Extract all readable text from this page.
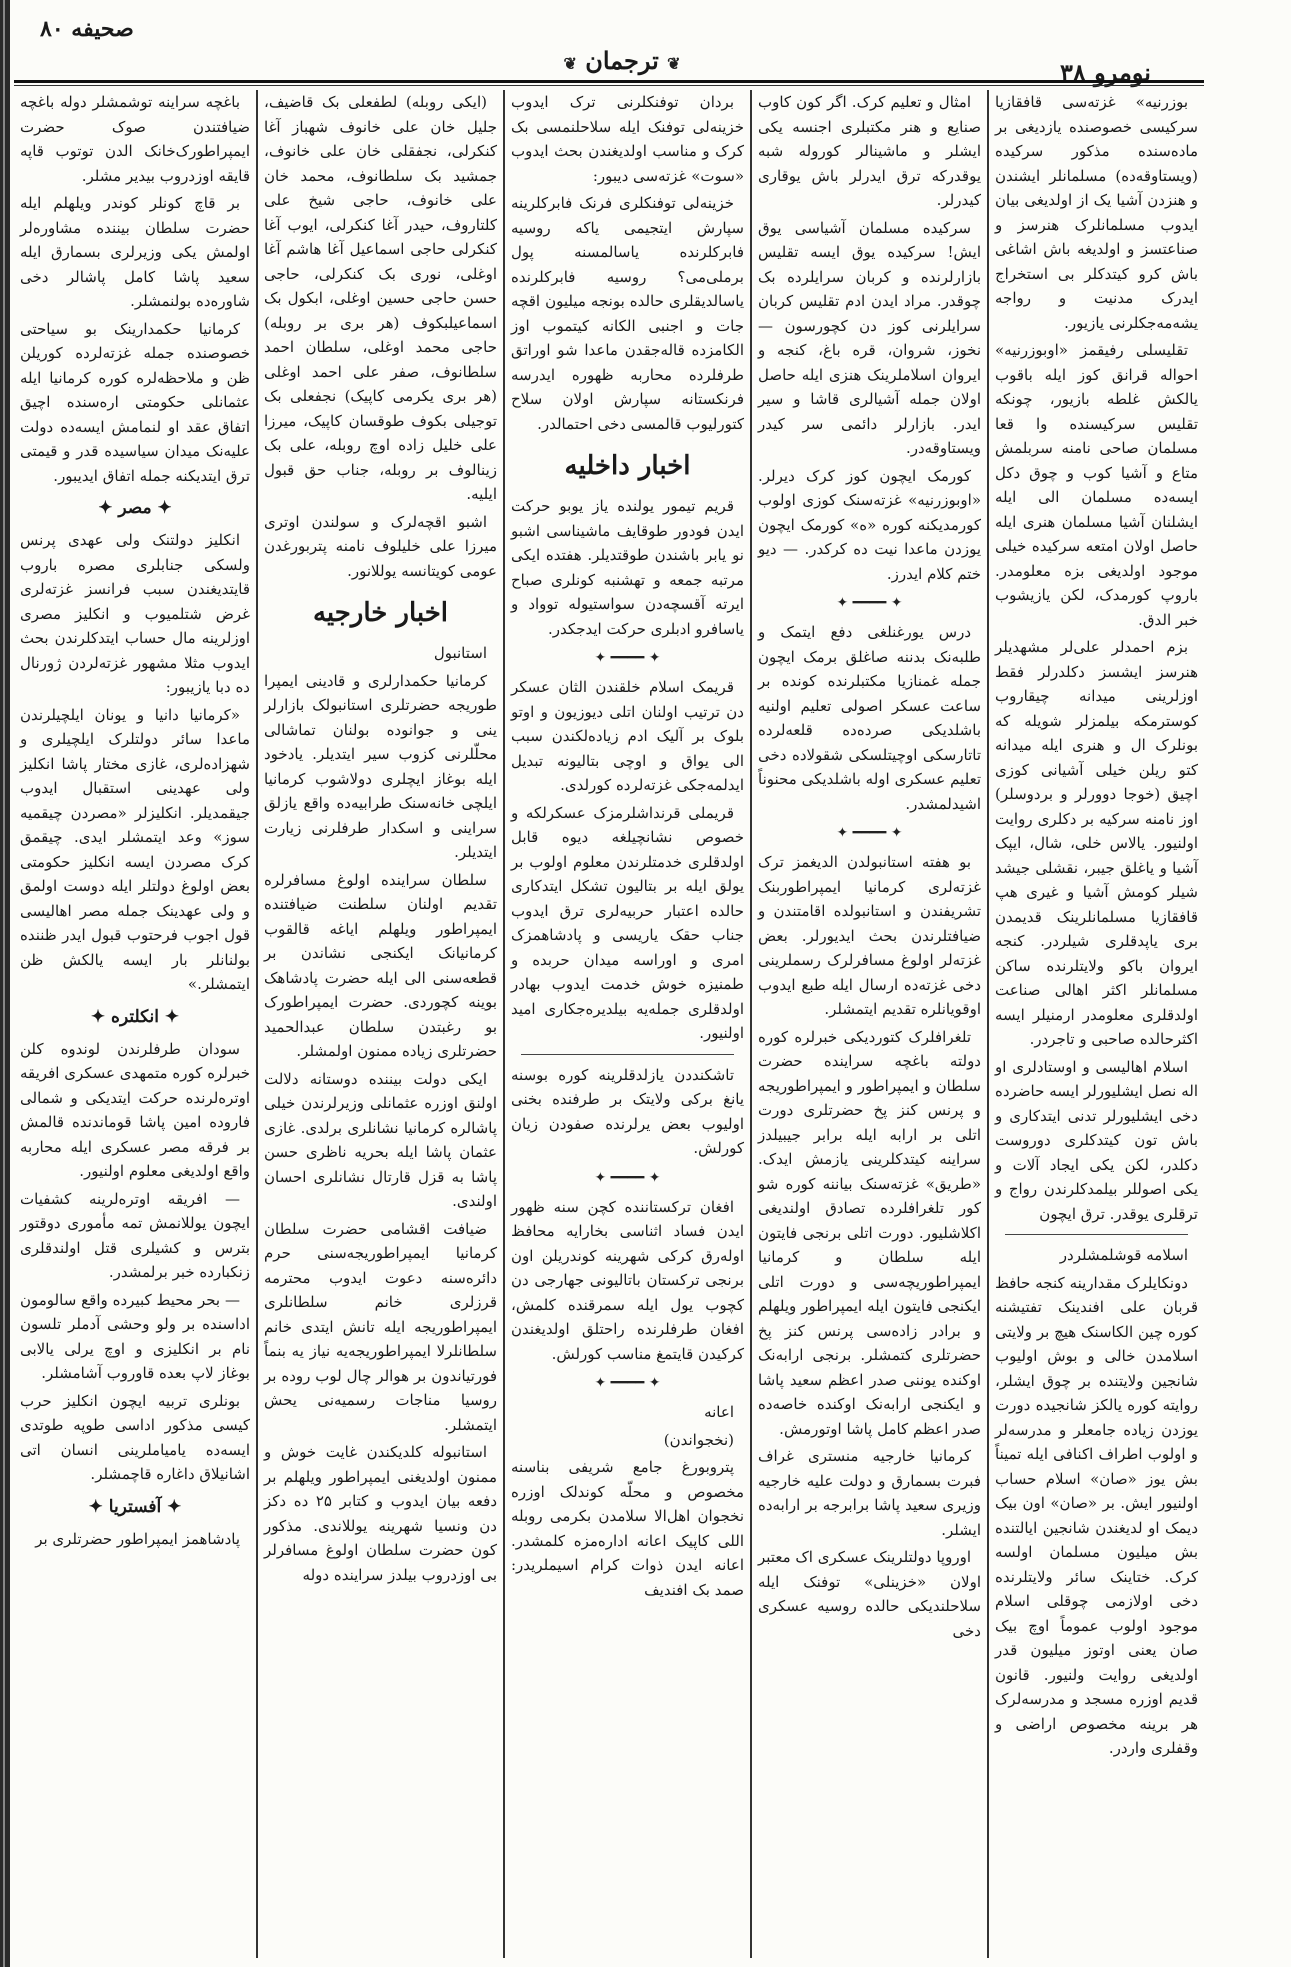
صحیفه ۸۰
❦ ترجمان ❦	نومرو ۳۸

بوزرنیه» غزته‌سی قافقازیا سرکیسی خصوصنده یازدیغی بر ماده‌سنده مذکور سرکیده (ویستاوقه‌ده) مسلمانلر ایشندن و هنزدن آشیا یک از اولدیغی بیان ایدوب مسلمانلرک هنرسز و صناعتسز و اولدیغه باش اشاغی باش کرو کیتدکلر بی استخراج ایدرک مدنیت و رواجه یشه‌مه‌جکلرنی یازیور.

تقلیسلی رفیقمز «اوبوزرنیه» احواله قرانق کوز ایله باقوب یالکش غلطه بازیور، چونکه تقلیس سرکیسنده وا قعا مسلمان صاحی نامنه سربلمش متاع و آشیا کوب و چوق دکل ایسه‌ده مسلمان الی ایله ایشلنان آشیا مسلمان هنری ایله حاصل اولان امتعه سرکیده خیلی موجود اولدیغی بزه معلومدر. باروپ کورمدک، لکن یازیشوب خبر الدق.

بزم احمدلر علی‌لر مشهدیلر هنرسز ایشسز دکلدرلر فقط اوزلرینی میدانه چیقاروب کوسترمکه بیلمزلر شویله که بونلرک ال و هنری ایله میدانه کتو ریلن خیلی آشیانی کوزی اچیق (خوجا دوورلر و بردوسلر) اوز نامنه سرکیه بر دکلری روایت اولنیور. یالاس خلی، شال، ایپک آشیا و یاغلق جیبر، نقشلی جیشد شیلر کومش آشیا و غیری هپ قافقازیا مسلمانلرینک قدیمدن بری یاپدقلری شیلردر. کنجه ایروان باکو ولایتلرنده ساکن مسلمانلر اکثر اهالی صناعت اولدقلری معلومدر ارمنیلر ایسه اکثرحالده صاحبی و تاجردر.

اسلام اهالیسی و اوستادلری او اله نصل ایشلیورلر ایسه حاضرده دخی ایشلیورلر تدنی ایتدکاری و باش تون کیتدکلری دوروست دکلدر، لکن یکی ایجاد آلات و یکی اصوللر بیلمدکلرندن رواج و ترقلری یوقدر. ترق ایچون

اسلامه قوشلمشلردر

دونکایلرک مقدارینه کنجه حافظ قربان علی افندینک تفتیشنه کوره چین الکاسنک هیچ بر ولایتی اسلامدن خالی و بوش اولیوب شانجین ولایتنده بر چوق ایشلر، روایته کوره یالکز شانجیده دورت یوزدن زیاده جامعلر و مدرسه‌لر و اولوب اطراف اکنافی ایله تمیناً بش یوز «صان» اسلام حساب اولنیور ایش. بر «صان» اون بیک دیمک او لدیغندن شانجین ایالتنده بش میلیون مسلمان اولسه کرک. ختاینک سائر ولایتلرنده دخی اولازمی چوقلی اسلام موجود اولوب عموماً اوچ بیک صان یعنی اوتوز میلیون قدر اولدیغی روایت ولنیور. قانون قدیم اوزره مسجد و مدرسه‌لرک هر برینه مخصوص اراضی و وقفلری واردر.

امثال و تعلیم کرک. اگر کون کاوب صنایع و هنر مکتبلری اجنسه یکی ایشلر و ماشینالر کوروله شبه یوقدرکه ترق ایدرلر باش یوقاری کیدرلر.

سرکیده مسلمان آشیاسی یوق ایش! سرکیده یوق ایسه تقلیس بازارلرنده و کربان سرایلرده بک چوقدر. مراد ایدن ادم تقلیس کربان سرایلرنی کوز دن کچورسون — نخوز، شروان، قره باغ، کنجه و ایروان اسلاملرینک هنزی ایله حاصل اولان جمله آشیالری قاشا و سیر ایدر. بازارلر دائمی سر کیدر ویستاوقه‌در.

کورمک ایچون کوز کرک دیرلر. «اوبوزرنیه» غزته‌سنک کوزی اولوب کورمدیکنه کوره «ه» کورمک ایچون یوزدن ماعدا نیت ده کرکدر. — دیو ختم کلام ایدرز.

✦ ━━━━ ✦

درس یورغنلغی دفع ایتمک و طلبه‌نک بدننه صاغلق برمک ایچون جمله غمنازیا مکتبلرنده کونده بر ساعت عسکر اصولی تعلیم اولنیه باشلدیکی صرده‌ده قلعه‌لرده تاتارسکی اوچیتلسکی شقولاده دخی تعلیم عسکری اوله باشلدیکی محنوناً اشیدلمشدر.

✦ ━━━━ ✦

بو هفته استانبولدن الدیغمز ترک غزته‌لری کرمانیا ایمپراطوربنک تشریفندن و استانبولده اقامتندن و ضیافتلرندن بحث ایدیورلر. بعض غزته‌لر اولوغ مسافرلرک رسملرینی دخی غزته‌ده ارسال ایله طبع ایدوب اوقویانلره تقدیم ایتمشلر.

تلغرافلرک کتوردیکی خبرلره کوره دولته باغچه سراینده حضرت سلطان و ایمپراطور و ایمپراطوریجه و پرنس کنز پخ حضرتلری دورت اتلی بر ارابه ایله برابر جیبیلدز سراینه کیتدکلرینی یازمش ایدک. «طریق» غزته‌سنک بیاننه کوره شو کور تلغرافلرده تصادق اولندیغی اکلاشلیور. دورت اتلی برنجی فایتون ایله سلطان و کرمانیا ایمپراطوریچه‌سی و دورت اتلی ایکنجی فایتون ایله ایمپراطور ویلهلم و برادر زاده‌سی پرنس کنز پخ حضرتلری کتمشلر. برنجی ارابه‌نک اوکنده یوننی صدر اعظم سعید پاشا و ایکنجی ارابه‌نک اوکنده خاصه‌ده صدر اعظم کامل پاشا اوتورمش.

کرمانیا خارجیه منستری غراف فبرت بسمارق و دولت علیه خارجیه وزیری سعید پاشا برابرجه بر ارابه‌ده ایشلر.

اوروپا دولتلرینک عسکری اک معتبر اولان «خزینلی» توفنک ایله سلاحلندیکی حالده روسیه عسکری دخی

بردان توفنکلرنی ترک ایدوب خزینه‌لی توفنک ایله سلاحلنمسی بک کرک و مناسب اولدیغندن بحث ایدوب «سوت» غزته‌سی دیبور:

خزینه‌لی توفنکلری فرنک فابرکلرینه سپارش ایتجیمی یاکه روسیه فابرکلرنده یاسالمسنه پول برملی‌می؟ روسیه فابرکلرنده یاسالدیقلری حالده بونجه میلیون اقچه جات و اجنبی الکانه کیتموب اوز الکامزده قاله‌جقدن ماعدا شو اوراتق طرفلرده محاربه ظهوره ایدرسه فرنکستانه سپارش اولان سلاح کتورلیوب قالمسی دخی احتمالدر.

اخبار داخلیه

قریم تیمور یولنده یاز یوبو حرکت ایدن فودور طوقایف ماشیناسی اشبو نو یابر باشندن طوقتدیلر. هفتده ایکی مرتبه جمعه و تهشنبه کونلری صباح ایرته آقسچه‌دن سواستیوله توواد و یاسافرو ادبلری حرکت ایدجکدر.

✦ ━━━━ ✦

قریمک اسلام خلقندن الثان عسکر دن ترتیب اولنان اتلی دیوزیون و اوتو بلوک بر آلیک ادم زیاده‌لکندن سبب الی یواق و اوچی بتالیونه تبدیل ایدلمه‌جکی غزته‌لرده کورلدی.

قریملی قرنداشلرمزک عسکرلکه و خصوص نشانچیلغه دیوه قابل اولدقلری خدمتلرندن معلوم اولوب بر یولق ایله بر بتالیون تشکل ایتدکاری حالده اعتبار حربیه‌لری ترق ایدوب جناب حقک یاریسی و پادشاهمزک امری و اوراسه میدان حربده و طمنیزه خوش خدمت ایدوب بهادر اولدقلری جمله‌یه بیلدیره‌جکاری امید اولنیور.

تاشکنددن یازلدقلرینه کوره بوسنه یانغ برکی ولایتک بر طرفنده بخنی اولیوب بعض یرلرنده صفودن زیان کورلش.

✦ ━━━━ ✦

افغان ترکستاننده کچن سنه ظهور ایدن فساد اثناسی بخارایه محافظ اوله‌رق کرکی شهرینه کوندریلن اون برنجی ترکستان باتالیونی جهارجی دن کچوب یول ایله سمرقنده کلمش، افغان طرفلرنده راحتلق اولدیغندن کرکیدن قایتمغ مناسب کورلش.

✦ ━━━━ ✦

اعانه

(نخجواندن)

پتروبورغ جامع شریفی بناسنه مخصوص و محلّه کوندلک اوزره نخجوان اهل‌الا سلامدن بکرمی روبله اللی کاپیک اعانه اداره‌مزه کلمشدر. اعانه ایدن ذوات کرام اسیملریدر: صمد بک افندیف

(ایکی روبله) لطفعلی بک قاضیف، جلیل خان علی خانوف شهباز آغا کنکرلی، نجفقلی خان علی خانوف، جمشید بک سلطانوف، محمد خان علی خانوف، حاجی شیخ علی کلتاروف، حیدر آغا کنکرلی، ایوب آغا کنکرلی حاجی اسماعیل آغا هاشم آغا اوغلی، نوری بک کنکرلی، حاجی حسن حاجی حسین اوغلی، ابکول بک اسماعیلبکوف (هر بری بر روبله) حاجی محمد اوغلی، سلطان احمد سلطانوف، صفر علی احمد اوغلی (هر بری یکرمی کاپیک) نجفعلی بک توجیلی بکوف طوقسان کاپیک، میرزا علی خلیل زاده اوچ روبله، علی بک زینالوف بر روبله، جناب حق قبول ایلیه.

اشبو اقچه‌لرک و سولندن اوتری میرزا علی خلیلوف نامنه پتربورغدن عومی کویتانسه یوللانور.

اخبار خارجیه

استانبول

کرمانیا حکمدارلری و قادینی ایمپرا طوریجه حضرتلری استانبولک بازارلر ینی و جوانوده بولنان تماشالی محلّلرنی کزوب سیر ایتدیلر. یادخود ایله بوغاز ایچلری دولاشوب کرمانیا ایلچی خانه‌سنک طرابیه‌ده واقع یازلق سراینی و اسکدار طرفلرنی زیارت ایتدیلر.

سلطان سراینده اولوغ مسافرلره تقدیم اولنان سلطنت ضیافتنده ایمپراطور ویلهلم ایاغه قالقوب کرمانیانک ایکنجی نشاندن بر قطعه‌سنی الی ایله حضرت پادشاهک بوینه کچوردی. حضرت ایمپراطورک بو رغبتدن سلطان عبدالحمید حضرتلری زیاده ممنون اولمشلر.

ایکی دولت بیننده دوستانه دلالت اولنق اوزره عثمانلی وزیرلرندن خیلی پاشالره کرمانیا نشانلری برلدی. غازی عثمان پاشا ایله بحریه ناظری حسن پاشا به قزل قارتال نشانلری احسان اولندی.

ضیافت اقشامی حضرت سلطان کرمانیا ایمپراطوریجه‌سنی حرم دائره‌سنه دعوت ایدوب محترمه قرزلری خانم سلطانلری ایمپراطوریجه ایله تانش ایتدی خانم سلطانلرلا ایمپراطوریجه‌یه نیاز یه بنماً فورتیاندون بر هوالر چال لوب روده بر روسیا مناجات رسمیه‌نی یحش ایتمشلر.

استانبوله کلدیکندن غایت خوش و ممنون اولدیغنی ایمپراطور ویلهلم بر دفعه بیان ایدوب و کتابر ۲۵ ده دکز دن ونسیا شهرینه یوللاندی. مذکور کون حضرت سلطان اولوغ مسافرلر بی اوزدروب بیلدز سراینده دوله

باغچه سراینه توشمشلر دوله باغچه ضیافتندن صوک حضرت ایمپراطورک‌خانک الدن توتوب قاپه قایقه اوزدروب بیدیر مشلر.

بر قاچ کونلر کوندر ویلهلم ایله حضرت سلطان بیننده مشاوره‌لر اولمش یکی وزیرلری بسمارق ایله سعید پاشا کامل پاشالر دخی شاوره‌ده بولنمشلر.

کرمانیا حکمدارینک بو سیاحتی خصوصنده جمله غزته‌لرده کوریلن ظن و ملاحظه‌لره کوره کرمانیا ایله عثمانلی حکومتی اره‌سنده اچیق اتفاق عقد او لنمامش ایسه‌ده دولت علیه‌نک میدان سیاسیده قدر و قیمتی ترق ایتدیکنه جمله اتفاق ایدیبور.

✦ مصر ✦

انکلیز دولتنک ولی عهدی پرنس ولسکی جنابلری مصره باروب قایتدیغندن سبب فرانسز غزته‌لری غرض شتلمیوب و انکلیز مصری اوزلرینه مال حساب ایتدکلرندن بحث ایدوب مثلا مشهور غزته‌لردن ژورنال ده دبا یازیبور:

«کرمانیا دانیا و یونان ایلچیلرندن ماعدا سائر دولتلرک ایلچیلری و شهزاده‌لری، غازی مختار پاشا انکلیز ولی عهدینی استقبال ایدوب جیقمدیلر. انکلیزلر «مصردن چیقمیه سوز» وعد ایتمشلر ایدی. چیقمق کرک مصردن ایسه انکلیز حکومتی بعض اولوغ دولتلر ایله دوست اولمق و ولی عهدینک جمله مصر اهالیسی قول اجوب فرحتوب قبول ایدر ظننده بولنانلر بار ایسه یالکش ظن ایتمشلر.»

✦ انکلتره ✦

سودان طرفلرندن لوندوه کلن خبرلره کوره متمهدی عسکری افریقه اوتره‌لرنده حرکت ایتدیکی و شمالی فاروده امین پاشا قوماندنده قالمش بر فرقه مصر عسکری ایله محاربه واقع اولدیغی معلوم اولنیور.

— افریقه اوتره‌لرینه کشفیات ایچون یوللانمش تمه مأموری دوقتور بترس و کشیلری قتل اولندقلری زنکبارده خبر برلمشدر.

— بحر محیط کبیرده واقع سالومون اداسنده بر ولو وحشی آدملر تلسون نام بر انکلیزی و اوچ یرلی یالابی بوغاز لاپ بعده قاوروب آشامشلر.

بونلری تربیه ایچون انکلیز حرب کیسی مذکور اداسی طوپه طوتدی ایسه‌ده یامیاملرینی انسان اتی اشانیلاق داغاره قاچمشلر.

✦ آفستریا ✦

پادشاهمز ایمپراطور حضرتلری بر
